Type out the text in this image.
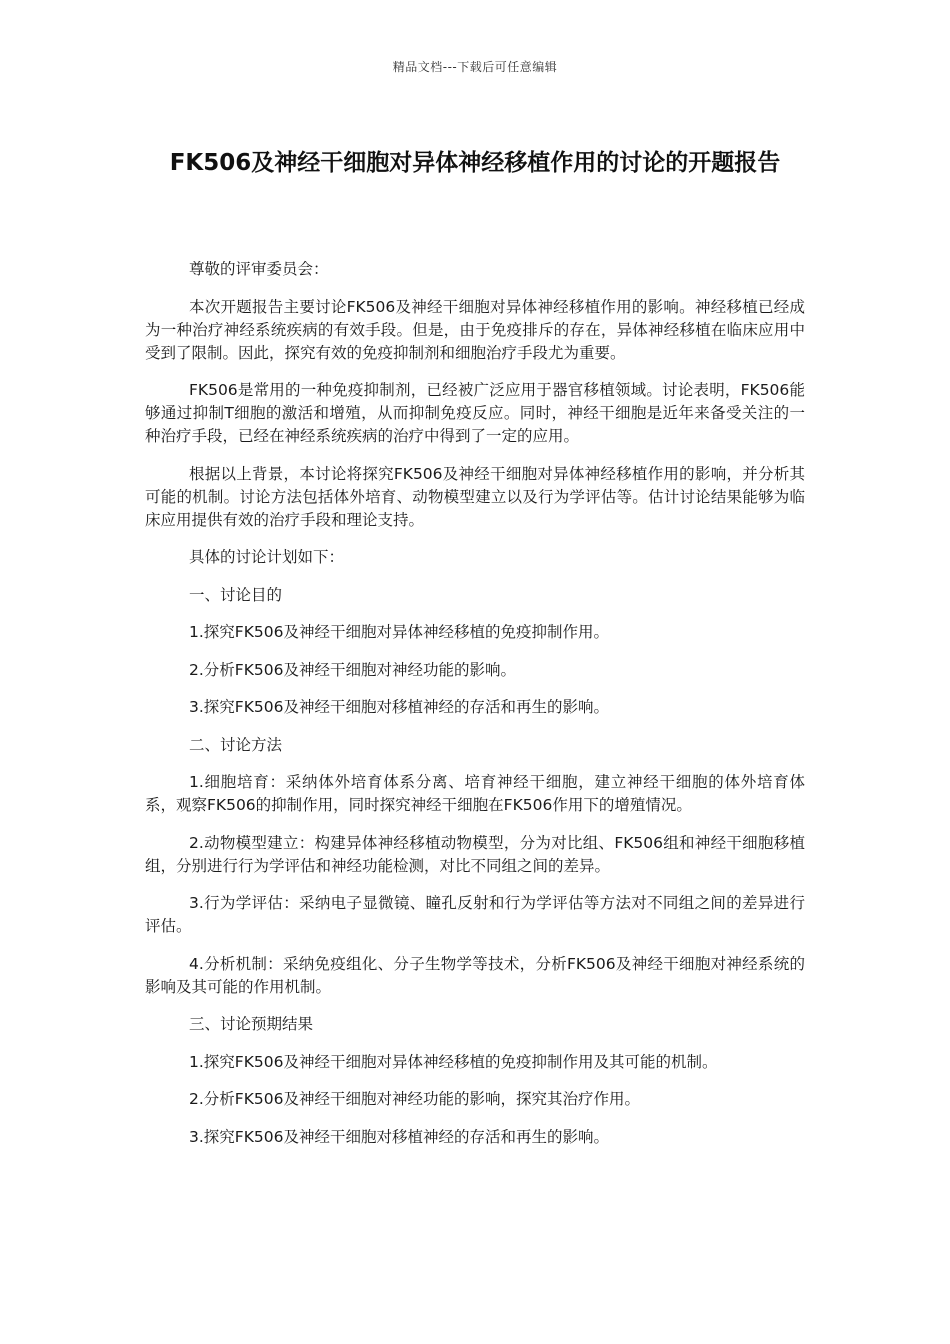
精品文档---下载后可任意编辑
FK506及神经干细胞对异体神经移植作用的讨论的开题报告

尊敬的评审委员会：

本次开题报告主要讨论FK506及神经干细胞对异体神经移植作用的影响。神经移植已经成为一种治疗神经系统疾病的有效手段。但是，由于免疫排斥的存在，异体神经移植在临床应用中受到了限制。因此，探究有效的免疫抑制剂和细胞治疗手段尤为重要。

FK506是常用的一种免疫抑制剂，已经被广泛应用于器官移植领域。讨论表明，FK506能够通过抑制T细胞的激活和增殖，从而抑制免疫反应。同时，神经干细胞是近年来备受关注的一种治疗手段，已经在神经系统疾病的治疗中得到了一定的应用。

根据以上背景，本讨论将探究FK506及神经干细胞对异体神经移植作用的影响，并分析其可能的机制。讨论方法包括体外培育、动物模型建立以及行为学评估等。估计讨论结果能够为临床应用提供有效的治疗手段和理论支持。

具体的讨论计划如下：

一、讨论目的

1.探究FK506及神经干细胞对异体神经移植的免疫抑制作用。

2.分析FK506及神经干细胞对神经功能的影响。

3.探究FK506及神经干细胞对移植神经的存活和再生的影响。

二、讨论方法

1.细胞培育：采纳体外培育体系分离、培育神经干细胞，建立神经干细胞的体外培育体系，观察FK506的抑制作用，同时探究神经干细胞在FK506作用下的增殖情况。

2.动物模型建立：构建异体神经移植动物模型，分为对比组、FK506组和神经干细胞移植组，分别进行行为学评估和神经功能检测，对比不同组之间的差异。

3.行为学评估：采纳电子显微镜、瞳孔反射和行为学评估等方法对不同组之间的差异进行评估。

4.分析机制：采纳免疫组化、分子生物学等技术，分析FK506及神经干细胞对神经系统的影响及其可能的作用机制。

三、讨论预期结果

1.探究FK506及神经干细胞对异体神经移植的免疫抑制作用及其可能的机制。

2.分析FK506及神经干细胞对神经功能的影响，探究其治疗作用。

3.探究FK506及神经干细胞对移植神经的存活和再生的影响。
